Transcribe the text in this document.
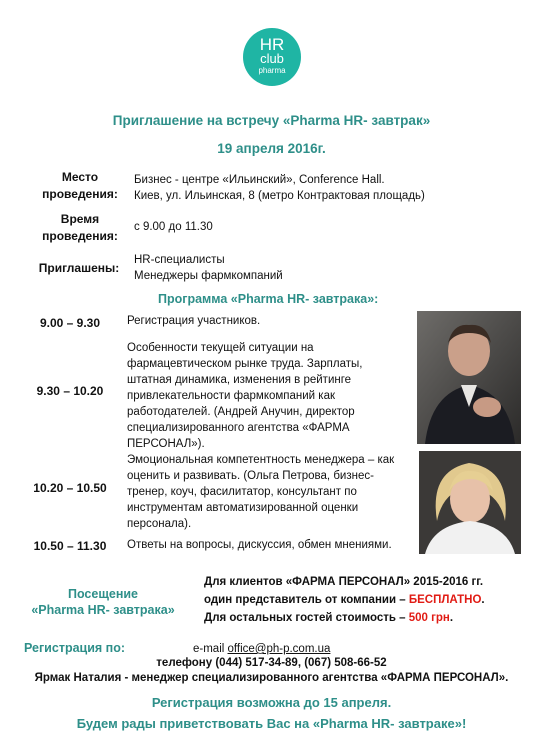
HR
club
pharma
Приглашение на встречу «Pharma HR- завтрак»
19 апреля 2016г.
Место
проведения:
Бизнес - центре «Ильинский», Conference Hall.
Киев, ул. Ильинская, 8 (метро Контрактовая площадь)
Время
проведения:
с 9.00 до 11.30
Приглашены:
HR-специалисты
Менеджеры фармкомпаний
Программа «Pharma HR- завтрака»:
9.00 – 9.30	Регистрация участников.
9.30 – 10.20
Особенности текущей ситуации на
фармацевтическом рынке труда. Зарплаты,
штатная динамика, изменения в рейтинге
привлекательности фармкомпаний как
работодателей. (Андрей Анучин, директор
специализированного агентства «ФАРМА
ПЕРСОНАЛ»).
10.20 – 10.50
Эмоциональная компетентность менеджера – как
оценить и развивать. (Ольга Петрова, бизнес-
тренер, коуч, фасилитатор, консультант по
инструментам автоматизированной оценки
персонала).
10.50 – 11.30	Ответы на вопросы, дискуссия, обмен мнениями.
Посещение
«Pharma HR- завтрака»
Для клиентов «ФАРМА ПЕРСОНАЛ» 2015-2016 гг.
один представитель от компании – БЕСПЛАТНО.
Для остальных гостей стоимость – 500 грн.
Регистрация по:	e-mail office@ph-p.com.ua
телефону (044) 517-34-89, (067) 508-66-52
Ярмак Наталия - менеджер специализированного агентства «ФАРМА ПЕРСОНАЛ».
Регистрация возможна до 15 апреля.
Будем рады приветствовать Вас на «Pharma HR- завтраке»!
